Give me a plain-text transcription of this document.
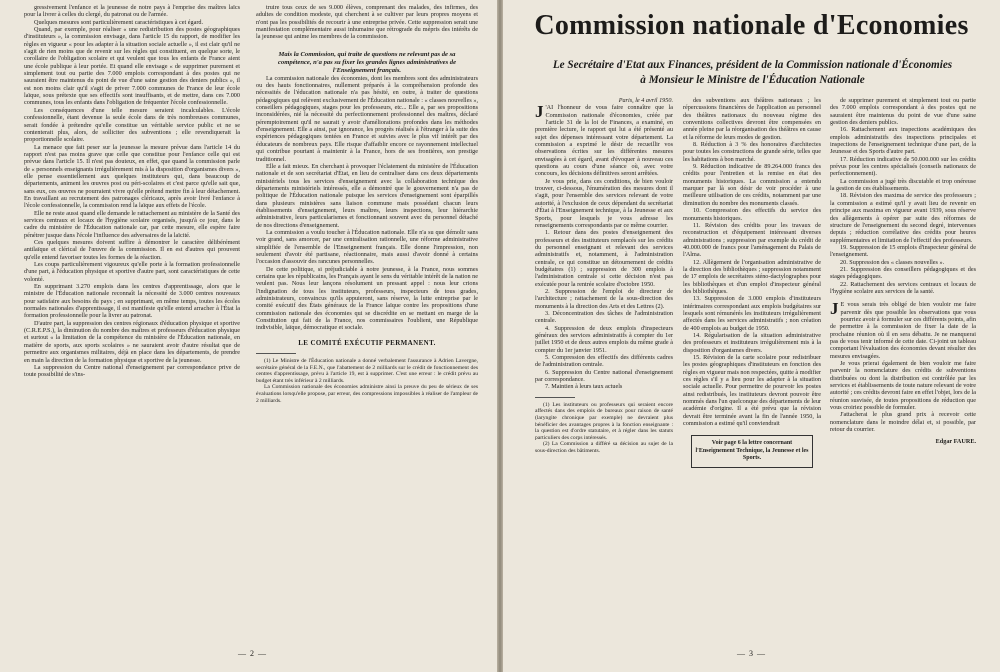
gressivement l'enfance et la jeunesse de notre pays à l'emprise des maîtres laïcs pour la livrer à celles du clergé, du patronat ou de l'armée.

Quelques mesures sont particulièrement caractéristiques à cet égard.

Quand, par exemple, pour réaliser « une redistribution des postes géographiques d'instituteurs », la commission envisage, dans l'article 15 du rapport, de modifier les règles en vigueur « pour les adapter à la situation sociale actuelle », il est clair qu'il ne s'agit de rien moins que de revenir sur les règles qui constituent, en quelque sorte, le corollaire de l'obligation scolaire et qui veulent que tous les enfants de France aient une école publique à leur portée. Et quand elle envisage « de supprimer purement et simplement tout ou partie des 7.000 emplois correspondant à des postes qui ne sauraient être maintenus du point de vue d'une saine gestion des deniers publics », il est non moins clair qu'il s'agit de priver 7.000 communes de France de leur école laïque, sous prétexte que ses effectifs sont insuffisants, et de mettre, dans ces 7.000 communes, tous les enfants dans l'obligation de fréquenter l'école confessionnelle.

Les conséquences d'une telle mesure seraient incalculables. L'école confessionnelle, étant devenue la seule école dans de très nombreuses communes, serait fondée à prétendre qu'elle constitue un véritable service public et ne se contenterait plus, alors, de solliciter des subventions ; elle revendiquerait la proportionnelle scolaire.

La menace que fait peser sur la jeunesse la mesure prévue dans l'article 14 du rapport n'est pas moins grave que celle que constitue pour l'enfance celle qui est prévue dans l'article 15. Il n'est pas douteux, en effet, que quand la commission parle de « personnels enseignants irrégulièrement mis à la disposition d'organismes divers », elle pense essentiellement aux quelques instituteurs qui, dans beaucoup de départements, animent les œuvres post ou péri-scolaires et c'est parce qu'elle sait que, sans eux, ces œuvres ne pourraient vivre qu'elle prétend mettre fin à leur détachement. En travaillant au recrutement des patronages cléricaux, après avoir livré l'enfance à l'école confessionnelle, la commission rend la laïque aux effets de l'école.

Elle ne reste aussi quand elle demande le rattachement au ministère de la Santé des services centraux et locaux de l'hygiène scolaire organisés, jusqu'à ce jour, dans le cadre du ministère de l'Éducation nationale car, par cette mesure, elle espère faire pénétrer jusque dans l'école l'influence des adversaires de la laïcité.

Ces quelques mesures doivent suffire à démontrer le caractère délibérément antilaïque et clérical de l'œuvre de la commission. Il en est d'autres qui prouvent qu'elle entend favoriser toutes les formes de la réaction.

Les coups particulièrement vigoureux qu'elle porte à la formation professionnelle d'une part, à l'éducation physique et sportive d'autre part, sont caractéristiques de cette volonté.

En supprimant 3.270 emplois dans les centres d'apprentissage, alors que le ministre de l'Éducation nationale reconnaît la nécessité de 3.000 centres nouveaux pour satisfaire aux besoins du pays ; en supprimant, en même temps, toutes les écoles normales nationales d'apprentissage, il est manifeste qu'elle entend arracher à l'État la formation professionnelle pour la livrer au patronat.

D'autre part, la suppression des centres régionaux d'éducation physique et sportive (C.R.E.P.S.), la diminution du nombre des maîtres et professeurs d'éducation physique et surtout « la limitation de la compétence du ministère de l'Éducation nationale, en matière de sports, aux sports scolaires » ne sauraient avoir d'autre résultat que de permettre aux organismes militaires, déjà en place dans les départements, de prendre en main la direction de la formation physique et sportive de la jeunesse.

La suppression du Centre national d'enseignement par correspondance prive de toute possibilité de s'ins-

truire tous ceux de ses 9.000 élèves, comprenant des malades, des infirmes, des adultes de condition modeste, qui cherchent à se cultiver par leurs propres moyens et n'ont pas les possibilités de recourir à une entreprise privée. Cette suppression serait une manifestation complémentaire aussi inhumaine que rétrograde du mépris des intérêts de la jeunesse qui anime les membres de la commission.

Mais la Commission, qui traite de questions ne relevant pas de sa compétence, n'a pas su fixer les grandes lignes administratives de l'Enseignement français.

La commission nationale des économies, dont les membres sont des administrateurs ou des hauts fonctionnaires, nullement préparés à la compréhension profonde des nécessités de l'éducation nationale n'a pas hésité, en outre, à traiter de questions pédagogiques qui relèvent exclusivement de l'Éducation nationale : « classes nouvelles », conseillers pédagogiques, stages pour les professeurs, etc... Elle a, par ses propositions inconsidérées, nié la nécessité du perfectionnement professionnel des maîtres, déclaré péremptoirement qu'il ne saurait y avoir d'améliorations profondes dans les méthodes d'enseignement. Elle a ainsi, par ignorance, les progrès réalisés à l'étranger à la suite des expériences pédagogiques tentées en France et suivies avec le plus vif intérêt par des éducateurs de nombreux pays. Elle risque d'affaiblir encore ce rayonnement intellectuel qui contribue pourtant à maintenir à la France, hors de ses frontières, son prestige traditionnel.

Elle a fait mieux. En cherchant à provoquer l'éclatement du ministère de l'Éducation nationale et de son secrétariat d'État, en lieu de centraliser dans ces deux départements ministériels tous les services d'enseignement avec la collaboration technique des départements ministériels intéressés, elle a démontré que le gouvernement n'a pas de politique de l'Éducation nationale puisque les services d'enseignement sont éparpillés dans plusieurs ministères sans liaison commune mais possédant chacun leurs établissements d'enseignement, leurs maîtres, leurs inspections, leur hiérarchie administrative, leurs particularismes et fonctionnant souvent avec du personnel détaché de nos directions d'enseignement.

La commission a voulu toucher à l'Éducation nationale. Elle n'a su que démolir sans voir grand, sans amorcer, par une centralisation rationnelle, une réforme administrative simplifiée de l'ensemble de l'Enseignement français. Elle donne l'impression, non seulement d'avoir été partisane, réactionnaire, mais aussi d'avoir donné à certains l'occasion d'assouvir des rancunes personnelles.

De cette politique, si préjudiciable à notre jeunesse, à la France, nous sommes certains que les républicains, les Français ayant le sens du véritable intérêt de la nation ne veulent pas. Nous leur lançons résolument un pressant appel : nous leur crions l'indignation de tous les instituteurs, professeurs, inspecteurs de tous grades, administrateurs, convaincus qu'ils appuieront, sans réserve, la lutte entreprise par le comité exécutif des États généraux de la France laïque contre les propositions d'une commission nationale des économies qui se discrédite en se mettant en marge de la Constitution qui fait de la France, nos commissaires l'oublient, une République indivisible, laïque, démocratique et sociale.

LE COMITÉ EXÉCUTIF PERMANENT.

(1) Le Ministre de l'Éducation nationale a donné verbalement l'assurance à Adrien Lavergne, secrétaire général de la F.E.N., que l'abattement de 2 milliards sur le crédit de fonctionnement des centres d'apprentissage, prévu à l'article 19, est à supprimer. C'est une erreur : le crédit prévu au budget étant très inférieur à 2 milliards.

La Commission nationale des économies administre ainsi la preuve du peu de sérieux de ses évaluations lorsqu'elle propose, par erreur, des compressions impossibles à réaliser de l'ampleur de 2 milliards.

— 2 —
Commission nationale d'Economies
Le Secrétaire d'Etat aux Finances, président de la Commission nationale d'Économies
à Monsieur le Ministre de l'Éducation Nationale

Paris, le 4 avril 1950.

J 'AI l'honneur de vous faire connaître que la Commission nationale d'économies, créée par l'article 31 de la loi de Finances, a examiné, en première lecture, le rapport qui lui a été présenté au sujet des dépenses intéressant votre département. La commission a exprimé le désir de recueillir vos observations écrites sur les différentes mesures envisagées à cet égard, avant d'évoquer à nouveau ces questions au cours d'une séance où, avec votre concours, les décisions définitives seront arrêtées.

Je vous prie, dans ces conditions, de bien vouloir trouver, ci-dessous, l'énumération des mesures dont il s'agit, pour l'ensemble des services relevant de votre autorité, à l'exclusion de ceux dépendant du secrétariat d'État à l'Enseignement technique, à la Jeunesse et aux Sports, pour lesquels je vous adresse les renseignements correspondants par ce même courrier.

1. Retour dans des postes d'enseignement des professeurs et des instituteurs remplacés sur les crédits du personnel enseignant et relevant des services administratifs et, notamment, à l'administration centrale, ce qui constitue un détournement de crédits budgétaires (1) ; suppression de 300 emplois à l'administration centrale si cette décision n'est pas exécutée pour la rentrée scolaire d'octobre 1950.

2. Suppression de l'emploi de directeur de l'architecture ; rattachement de la sous-direction des monuments à la direction des Arts et des Lettres (2).

3. Déconcentration des tâches de l'administration centrale.

4. Suppression de deux emplois d'inspecteurs généraux des services administratifs à compter du 1er juillet 1950 et de deux autres emplois du même grade à compter du 1er janvier 1951.

5. Compression des effectifs des différents cadres de l'administration centrale.

6. Suppression du Centre national d'enseignement par correspondance.

7. Maintien à leurs taux actuels

(1) Les instituteurs ou professeurs qui seraient encore affectés dans des emplois de bureaux pour raison de santé (laryngite chronique par exemple) ne devraient plus bénéficier des avantages propres à la fonction enseignante : la question est d'ordre statutaire, et à régler dans les statuts particuliers des corps intéressés.

(2) La Commission a différé sa décision au sujet de la sous-direction des bâtiments.

des subventions aux théâtres nationaux ; les répercussions financières de l'application au personnel des théâtres nationaux du nouveau régime des conventions collectives devront être compensées en année pleine par la réorganisation des théâtres en cause et la réforme de leurs modes de gestion.

8. Réduction à 3 % des honoraires d'architectes pour toutes les constructions de grande série, telles que les habitations à bon marché.

9. Réduction indicative de 89.264.000 francs des crédits pour l'entretien et la remise en état des monuments historiques. La commission a entendu marquer par là son désir de voir procéder à une meilleure utilisation de ces crédits, notamment par une diminution du nombre des monuments classés.

10. Compression des effectifs du service des monuments historiques.

11. Révision des crédits pour les travaux de reconstruction et d'équipement intéressant diverses administrations ; suppression par exemple du crédit de 40.000.000 de francs pour l'aménagement du Palais de l'Alma.

12. Allègement de l'organisation administrative de la direction des bibliothèques ; suppression notamment de 17 emplois de secrétaires sténo-dactylographes pour les bibliothèques et d'un emploi d'inspecteur général des bibliothèques.

13. Suppression de 3.000 emplois d'instituteurs intérimaires correspondant aux emplois budgétaires sur lesquels sont rémunérés les instituteurs irrégulièrement affectés dans les services administratifs ; non création de 400 emplois au budget de 1950.

14. Régularisation de la situation administrative des professeurs et instituteurs irrégulièrement mis à la disposition d'organismes divers.

15. Révision de la carte scolaire pour redistribuer les postes géographiques d'instituteurs en fonction des règles en vigueur mais non respectées, quitte à modifier ces règles s'il y a lieu pour les adapter à la situation sociale actuelle. Pour permettre de pourvoir les postes ainsi redistribués, les instituteurs devront pouvoir être nommés dans l'un quelconque des départements de leur académie d'origine. Il a été prévu que la révision devrait être terminée avant la fin de l'année 1950, la commission a estimé qu'il conviendrait

Voir page 6 la lettre concernant l'Enseignement Technique, la Jeunesse et les Sports.

de supprimer purement et simplement tout ou partie des 7.000 emplois correspondant à des postes qui ne sauraient être maintenus du point de vue d'une saine gestion des deniers publics.

16. Rattachement aux inspections académiques des emplois administratifs des inspections principales et inspections de l'enseignement technique d'une part, de la Jeunesse et des Sports d'autre part.

17. Réduction indicative de 50.000.000 sur les crédits prévus pour les centres spécialisés (conseils nationaux de perfectionnement).

La commission a jugé très discutable et trop onéreuse la gestion de ces établissements.

18. Révision des maxima de service des professeurs ; la commission a estimé qu'il y avait lieu de revenir en principe aux maxima en vigueur avant 1939, sous réserve des allègements à opérer par suite des réformes de structure de l'enseignement du second degré, intervenues depuis ; réduction corrélative des crédits pour heures supplémentaires et limitation de l'effectif des professeurs.

19. Suppression de 15 emplois d'inspecteur général de l'enseignement.

20. Suppression des « classes nouvelles ».

21. Suppression des conseillers pédagogiques et des stages pédagogiques.

22. Rattachement des services centraux et locaux de l'hygiène scolaire aux services de la santé.

J E vous serais très obligé de bien vouloir me faire parvenir dès que possible les observations que vous pourriez avoir à formuler sur ces différents points, afin de permettre à la commission de fixer la date de la prochaine réunion où il en sera débattu. Je ne manquerai pas de vous tenir informé de cette date. Ci-joint un tableau comportant l'évaluation des économies devant résulter des mesures envisagées.

Je vous prierai également de bien vouloir me faire parvenir la nomenclature des crédits de subventions distribuées ou dont la distribution est contrôlée par les services et établissements de toute nature relevant de votre autorité ; ces crédits devront faire en effet l'objet, lors de la réunion susvisée, de toutes propositions de réduction que vous croiriez possible de formuler.

J'attacherai le plus grand prix à recevoir cette nomenclature dans le moindre délai et, si possible, par retour du courrier.

Edgar FAURE.

— 3 —
